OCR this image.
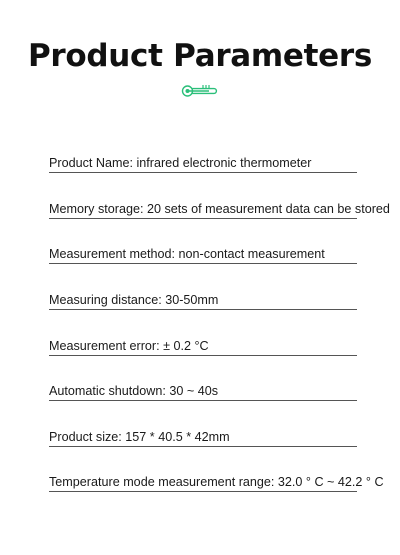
Product Parameters
Product Name: infrared electronic thermometer
Memory storage: 20 sets of measurement data can be stored
Measurement method: non-contact measurement
Measuring distance: 30-50mm
Measurement error: ± 0.2 °C
Automatic shutdown: 30 ~ 40s
Product size: 157 * 40.5 * 42mm
Temperature mode measurement range: 32.0 ° C ~ 42.2 ° C
